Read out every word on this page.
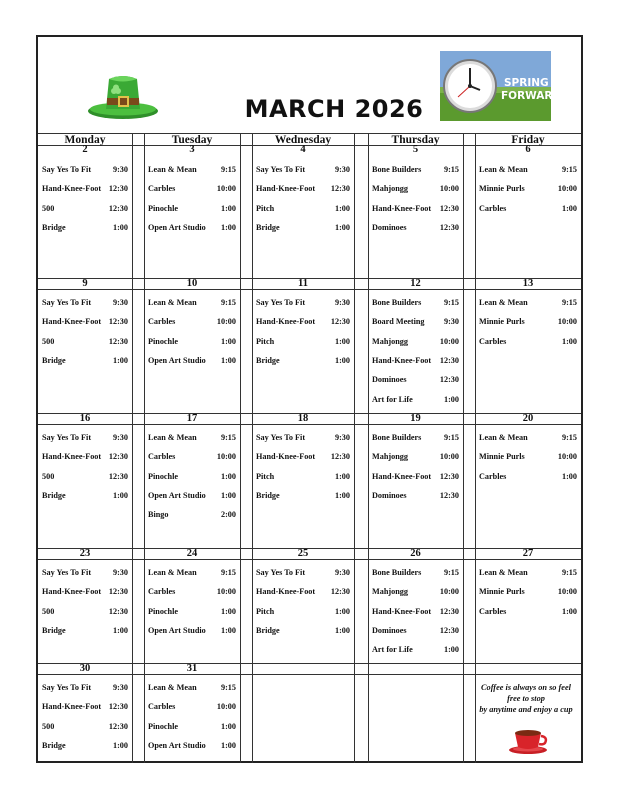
MARCH 2026
SPRING
FORWARD
Monday	Tuesday	Wednesday	Thursday	Friday
2
Say Yes To Fit	9:30
Hand-Knee-Foot 12:30
500	12:30
Bridge	1:00
3
Lean & Mean	9:15
Carbles	10:00
Pinochle	1:00
Open Art Studio	1:00
4
Say Yes To Fit	9:30
Hand-Knee-Foot	12:30
Pitch	1:00
Bridge	1:00
5
Bone Builders	9:15
Mahjongg	10:00
Hand-Knee-Foot	12:30
Dominoes	12:30
6
Lean & Mean	9:15
Minnie Purls	10:00
Carbles	1:00
9
Say Yes To Fit	9:30
Hand-Knee-Foot 12:30
500	12:30
Bridge	1:00
10
Lean & Mean	9:15
Carbles	10:00
Pinochle	1:00
Open Art Studio	1:00
11
Say Yes To Fit	9:30
Hand-Knee-Foot	12:30
Pitch	1:00
Bridge	1:00
12
Bone Builders	9:15
Board Meeting	9:30
Mahjongg	10:00
Hand-Knee-Foot	12:30
Dominoes	12:30
Art for Life	1:00
13
Lean & Mean	9:15
Minnie Purls	10:00
Carbles	1:00
16
Say Yes To Fit	9:30
Hand-Knee-Foot 12:30
500	12:30
Bridge	1:00
17
Lean & Mean	9:15
Carbles	10:00
Pinochle	1:00
Open Art Studio	1:00
Bingo	2:00
18
Say Yes To Fit	9:30
Hand-Knee-Foot	12:30
Pitch	1:00
Bridge	1:00
19
Bone Builders	9:15
Mahjongg	10:00
Hand-Knee-Foot	12:30
Dominoes	12:30
20
Lean & Mean	9:15
Minnie Purls	10:00
Carbles	1:00
23
Say Yes To Fit	9:30
Hand-Knee-Foot 12:30
500	12:30
Bridge	1:00
24
Lean & Mean	9:15
Carbles	10:00
Pinochle	1:00
Open Art Studio	1:00
25
Say Yes To Fit	9:30
Hand-Knee-Foot	12:30
Pitch	1:00
Bridge	1:00
26
Bone Builders	9:15
Mahjongg	10:00
Hand-Knee-Foot	12:30
Dominoes	12:30
Art for Life	1:00
27
Lean & Mean	9:15
Minnie Purls	10:00
Carbles	1:00
30
Say Yes To Fit	9:30
Hand-Knee-Foot 12:30
500	12:30
Bridge	1:00
31
Lean & Mean	9:15
Carbles	10:00
Pinochle	1:00
Open Art Studio	1:00
Coffee is always on so feel
free to stop
by anytime and enjoy a cup
